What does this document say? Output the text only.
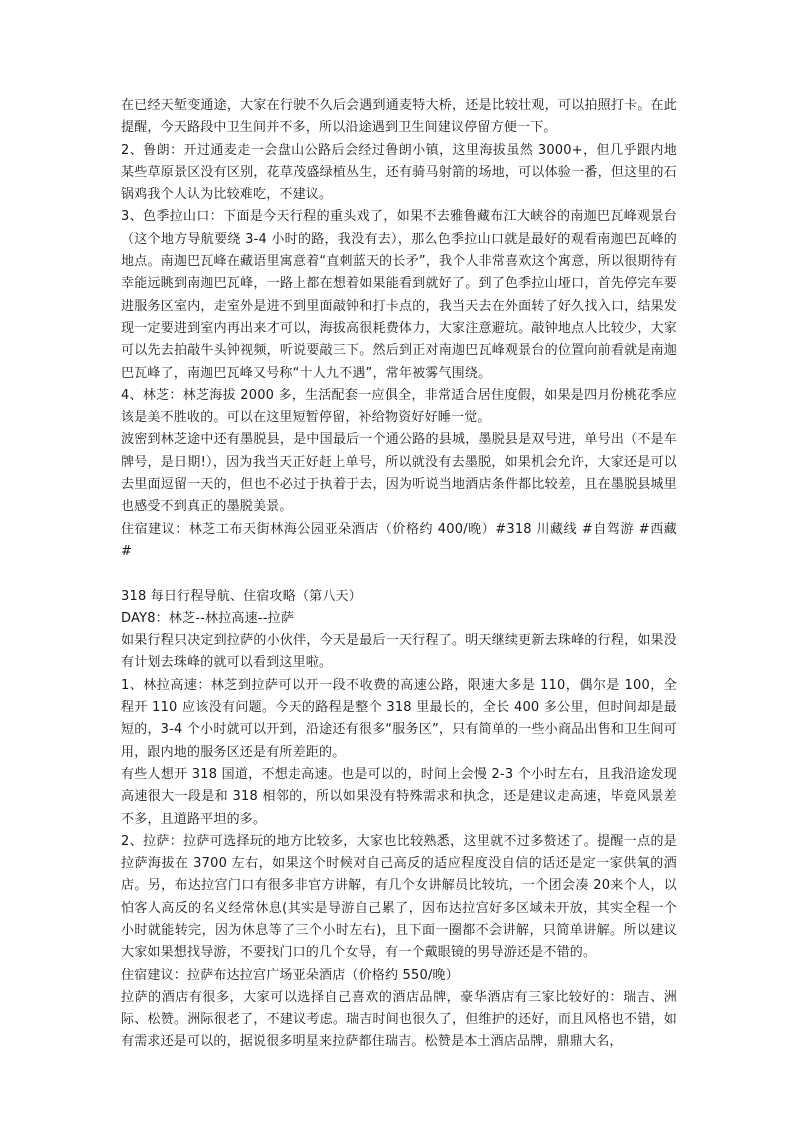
在已经天堑变通途，大家在行驶不久后会遇到通麦特大桥，还是比较壮观，可以拍照打卡。在此提醒，今天路段中卫生间并不多，所以沿途遇到卫生间建议停留方便一下。

2、鲁朗：开过通麦走一会盘山公路后会经过鲁朗小镇，这里海拔虽然 3000+，但几乎跟内地某些草原景区没有区别，花草茂盛绿植丛生，还有骑马射箭的场地，可以体验一番，但这里的石锅鸡我个人认为比较难吃，不建议。

3、色季拉山口：下面是今天行程的重头戏了，如果不去雅鲁藏布江大峡谷的南迦巴瓦峰观景台（这个地方导航要绕 3-4 小时的路，我没有去），那么色季拉山口就是最好的观看南迦巴瓦峰的地点。南迦巴瓦峰在藏语里寓意着“直刺蓝天的长矛”，我个人非常喜欢这个寓意，所以很期待有幸能远眺到南迦巴瓦峰，一路上都在想着如果能看到就好了。到了色季拉山垭口，首先停完车要进服务区室内，走室外是进不到里面敲钟和打卡点的，我当天去在外面转了好久找入口，结果发现一定要进到室内再出来才可以，海拔高很耗费体力，大家注意避坑。敲钟地点人比较少，大家可以先去拍敲牛头钟视频，听说要敲三下。然后到正对南迦巴瓦峰观景台的位置向前看就是南迦巴瓦峰了，南迦巴瓦峰又号称“十人九不遇”，常年被雾气围绕。

4、林芝：林芝海拔 2000 多，生活配套一应俱全，非常适合居住度假，如果是四月份桃花季应该是美不胜收的。可以在这里短暂停留，补给物资好好睡一觉。

波密到林芝途中还有墨脱县，是中国最后一个通公路的县城，墨脱县是双号进，单号出（不是车牌号，是日期!），因为我当天正好赶上单号，所以就没有去墨脱，如果机会允许，大家还是可以去里面逗留一天的，但也不必过于执着于去，因为听说当地酒店条件都比较差，且在墨脱县城里也感受不到真正的墨脱美景。

住宿建议：林芝工布天街林海公园亚朵酒店（价格约 400/晚）#318 川藏线 #自驾游 #西藏 #

318 每日行程导航、住宿攻略（第八天）

DAY8：林芝--林拉高速--拉萨

如果行程只决定到拉萨的小伙伴，今天是最后一天行程了。明天继续更新去珠峰的行程，如果没有计划去珠峰的就可以看到这里啦。

1、林拉高速：林芝到拉萨可以开一段不收费的高速公路，限速大多是 110，偶尔是 100，全程开 110 应该没有问题。今天的路程是整个 318 里最长的，全长 400 多公里，但时间却是最短的，3-4 个小时就可以开到，沿途还有很多“服务区”，只有简单的一些小商品出售和卫生间可用，跟内地的服务区还是有所差距的。

有些人想开 318 国道，不想走高速。也是可以的，时间上会慢 2-3 个小时左右，且我沿途发现高速很大一段是和 318 相邻的，所以如果没有特殊需求和执念，还是建议走高速，毕竟风景差不多，且道路平坦的多。

2、拉萨：拉萨可选择玩的地方比较多，大家也比较熟悉，这里就不过多赘述了。提醒一点的是拉萨海拔在 3700 左右，如果这个时候对自己高反的适应程度没自信的话还是定一家供氧的酒店。另，布达拉宫门口有很多非官方讲解，有几个女讲解员比较坑，一个团会凑 20来个人，以怕客人高反的名义经常休息(其实是导游自己累了，因布达拉宫好多区域未开放，其实全程一个小时就能转完，因为休息等了三个小时左右)，且下面一圈都不会讲解，只简单讲解。所以建议大家如果想找导游，不要找门口的几个女导，有一个戴眼镜的男导游还是不错的。

住宿建议：拉萨布达拉宫广场亚朵酒店（价格约 550/晚）

拉萨的酒店有很多，大家可以选择自己喜欢的酒店品牌，豪华酒店有三家比较好的：瑞吉、洲际、松赞。洲际很老了，不建议考虑。瑞吉时间也很久了，但维护的还好，而且风格也不错，如有需求还是可以的，据说很多明星来拉萨都住瑞吉。松赞是本土酒店品牌，鼎鼎大名，
